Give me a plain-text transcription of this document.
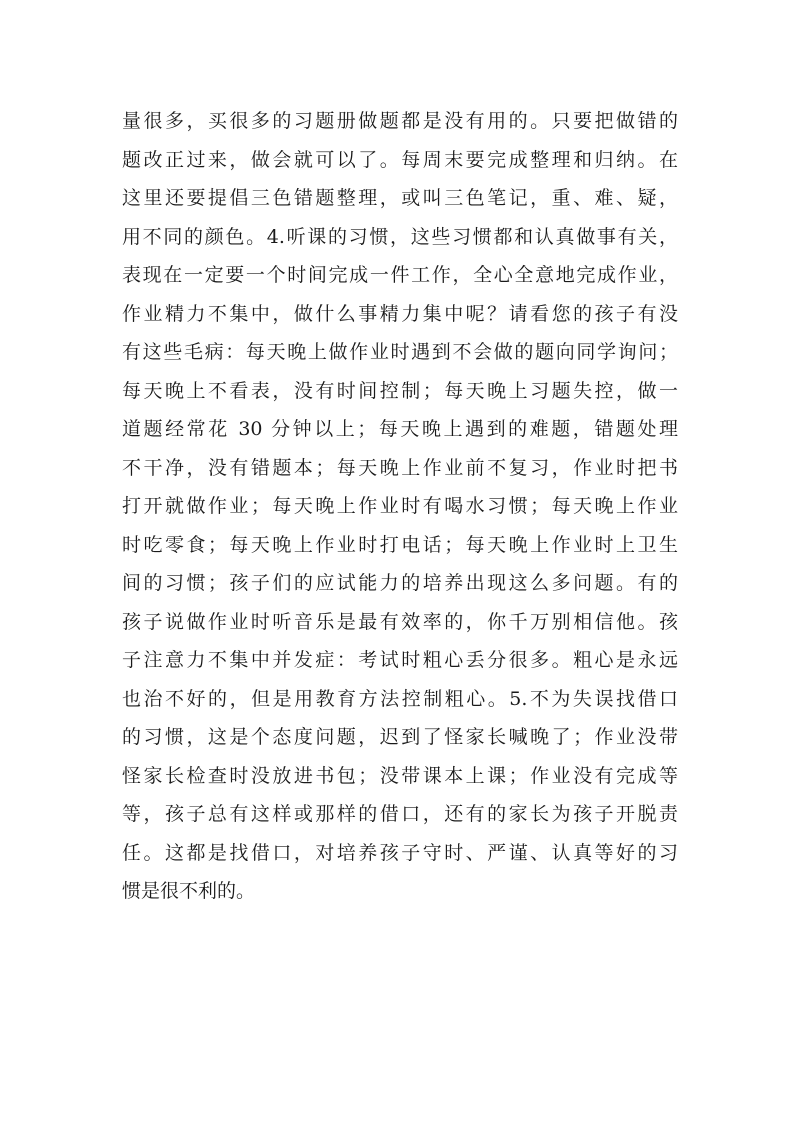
量很多，买很多的习题册做题都是没有用的。只要把做错的
题改正过来，做会就可以了。每周末要完成整理和归纳。在
这里还要提倡三色错题整理，或叫三色笔记，重、难、疑，
用不同的颜色。4.听课的习惯，这些习惯都和认真做事有关，
表现在一定要一个时间完成一件工作，全心全意地完成作业，
作业精力不集中，做什么事精力集中呢？请看您的孩子有没
有这些毛病：每天晚上做作业时遇到不会做的题向同学询问；
每天晚上不看表，没有时间控制；每天晚上习题失控，做一
道题经常花 30 分钟以上；每天晚上遇到的难题，错题处理
不干净，没有错题本；每天晚上作业前不复习，作业时把书
打开就做作业；每天晚上作业时有喝水习惯；每天晚上作业
时吃零食；每天晚上作业时打电话；每天晚上作业时上卫生
间的习惯；孩子们的应试能力的培养出现这么多问题。有的
孩子说做作业时听音乐是最有效率的，你千万别相信他。孩
子注意力不集中并发症：考试时粗心丢分很多。粗心是永远
也治不好的，但是用教育方法控制粗心。5.不为失误找借口
的习惯，这是个态度问题，迟到了怪家长喊晚了；作业没带
怪家长检查时没放进书包；没带课本上课；作业没有完成等
等，孩子总有这样或那样的借口，还有的家长为孩子开脱责
任。这都是找借口，对培养孩子守时、严谨、认真等好的习
惯是很不利的。
